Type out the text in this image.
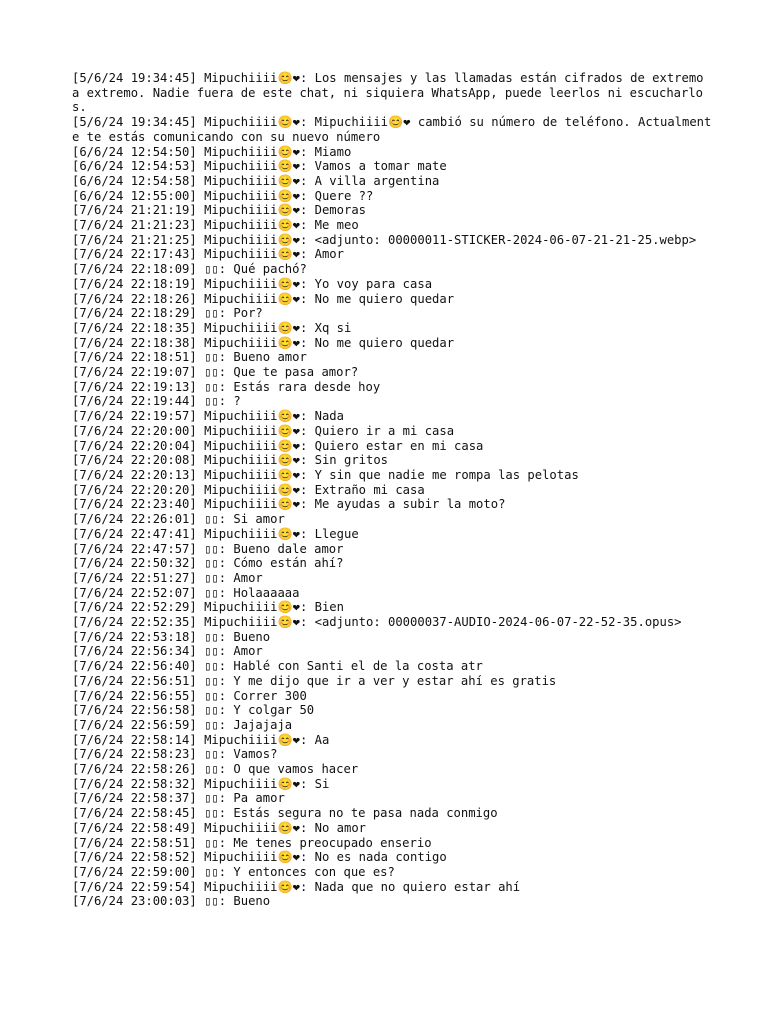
[5/6/24 19:34:45] Mipuchiiii😊❤: Los mensajes y las llamadas están cifrados de extremo a extremo. Nadie fuera de este chat, ni siquiera WhatsApp, puede leerlos ni escucharlos.
[5/6/24 19:34:45] Mipuchiiii😊❤: Mipuchiiii😊❤ cambió su número de teléfono. Actualmente te estás comunicando con su nuevo número
[6/6/24 12:54:50] Mipuchiiii😊❤: Miamo
[6/6/24 12:54:53] Mipuchiiii😊❤: Vamos a tomar mate
[6/6/24 12:54:58] Mipuchiiii😊❤: A villa argentina
[6/6/24 12:55:00] Mipuchiiii😊❤: Quere ??
[7/6/24 21:21:19] Mipuchiiii😊❤: Demoras
[7/6/24 21:21:23] Mipuchiiii😊❤: Me meo
[7/6/24 21:21:25] Mipuchiiii😊❤: <adjunto: 00000011-STICKER-2024-06-07-21-21-25.webp>
[7/6/24 22:17:43] Mipuchiiii😊❤: Amor
[7/6/24 22:18:09] ▯▯: Qué pachó?
[7/6/24 22:18:19] Mipuchiiii😊❤: Yo voy para casa
[7/6/24 22:18:26] Mipuchiiii😊❤: No me quiero quedar
[7/6/24 22:18:29] ▯▯: Por?
[7/6/24 22:18:35] Mipuchiiii😊❤: Xq si
[7/6/24 22:18:38] Mipuchiiii😊❤: No me quiero quedar
[7/6/24 22:18:51] ▯▯: Bueno amor
[7/6/24 22:19:07] ▯▯: Que te pasa amor?
[7/6/24 22:19:13] ▯▯: Estás rara desde hoy
[7/6/24 22:19:44] ▯▯: ?
[7/6/24 22:19:57] Mipuchiiii😊❤: Nada
[7/6/24 22:20:00] Mipuchiiii😊❤: Quiero ir a mi casa
[7/6/24 22:20:04] Mipuchiiii😊❤: Quiero estar en mi casa
[7/6/24 22:20:08] Mipuchiiii😊❤: Sin gritos
[7/6/24 22:20:13] Mipuchiiii😊❤: Y sin que nadie me rompa las pelotas
[7/6/24 22:20:20] Mipuchiiii😊❤: Extraño mi casa
[7/6/24 22:23:40] Mipuchiiii😊❤: Me ayudas a subir la moto?
[7/6/24 22:26:01] ▯▯: Si amor
[7/6/24 22:47:41] Mipuchiiii😊❤: Llegue
[7/6/24 22:47:57] ▯▯: Bueno dale amor
[7/6/24 22:50:32] ▯▯: Cómo están ahí?
[7/6/24 22:51:27] ▯▯: Amor
[7/6/24 22:52:07] ▯▯: Holaaaaaa
[7/6/24 22:52:29] Mipuchiiii😊❤: Bien
[7/6/24 22:52:35] Mipuchiiii😊❤: <adjunto: 00000037-AUDIO-2024-06-07-22-52-35.opus>
[7/6/24 22:53:18] ▯▯: Bueno
[7/6/24 22:56:34] ▯▯: Amor
[7/6/24 22:56:40] ▯▯: Hablé con Santi el de la costa atr
[7/6/24 22:56:51] ▯▯: Y me dijo que ir a ver y estar ahí es gratis
[7/6/24 22:56:55] ▯▯: Correr 300
[7/6/24 22:56:58] ▯▯: Y colgar 50
[7/6/24 22:56:59] ▯▯: Jajajaja
[7/6/24 22:58:14] Mipuchiiii😊❤: Aa
[7/6/24 22:58:23] ▯▯: Vamos?
[7/6/24 22:58:26] ▯▯: O que vamos hacer
[7/6/24 22:58:32] Mipuchiiii😊❤: Si
[7/6/24 22:58:37] ▯▯: Pa amor
[7/6/24 22:58:45] ▯▯: Estás segura no te pasa nada conmigo
[7/6/24 22:58:49] Mipuchiiii😊❤: No amor
[7/6/24 22:58:51] ▯▯: Me tenes preocupado enserio
[7/6/24 22:58:52] Mipuchiiii😊❤: No es nada contigo
[7/6/24 22:59:00] ▯▯: Y entonces con que es?
[7/6/24 22:59:54] Mipuchiiii😊❤: Nada que no quiero estar ahí
[7/6/24 23:00:03] ▯▯: Bueno
